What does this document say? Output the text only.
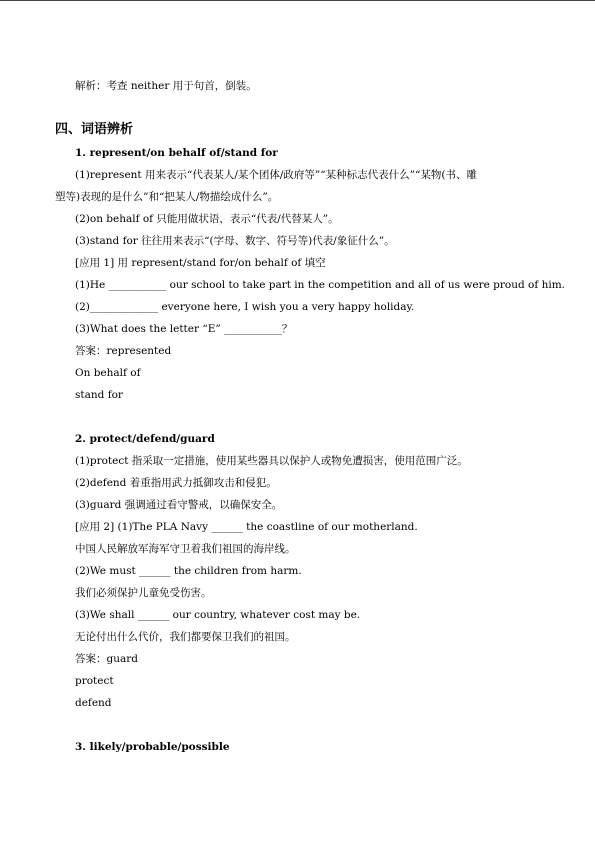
解析：考查 neither 用于句首，倒装。
四、词语辨析
1. represent/on behalf of/stand for
(1)represent 用来表示“代表某人/某个团体/政府等”“某种标志代表什么”“某物(书、雕
塑等)表现的是什么”和“把某人/物描绘成什么”。
(2)on behalf of 只能用做状语，表示“代表/代替某人”。
(3)stand for 往往用来表示“(字母、数字、符号等)代表/象征什么”。
[应用 1] 用 represent/stand for/on behalf of 填空
(1)He ___________ our school to take part in the competition and all of us were proud of him.
(2)_____________ everyone here, I wish you a very happy holiday.
(3)What does the letter “E” ___________？
答案：represented
On behalf of
stand for
2. protect/defend/guard
(1)protect 指采取一定措施，使用某些器具以保护人或物免遭损害，使用范围广泛。
(2)defend 着重指用武力抵御攻击和侵犯。
(3)guard 强调通过看守警戒，以确保安全。
[应用 2] (1)The PLA Navy ______ the coastline of our motherland.
中国人民解放军海军守卫着我们祖国的海岸线。
(2)We must ______ the children from harm.
我们必须保护儿童免受伤害。
(3)We shall ______ our country, whatever cost may be.
无论付出什么代价，我们都要保卫我们的祖国。
答案：guard
protect
defend
3. likely/probable/possible
